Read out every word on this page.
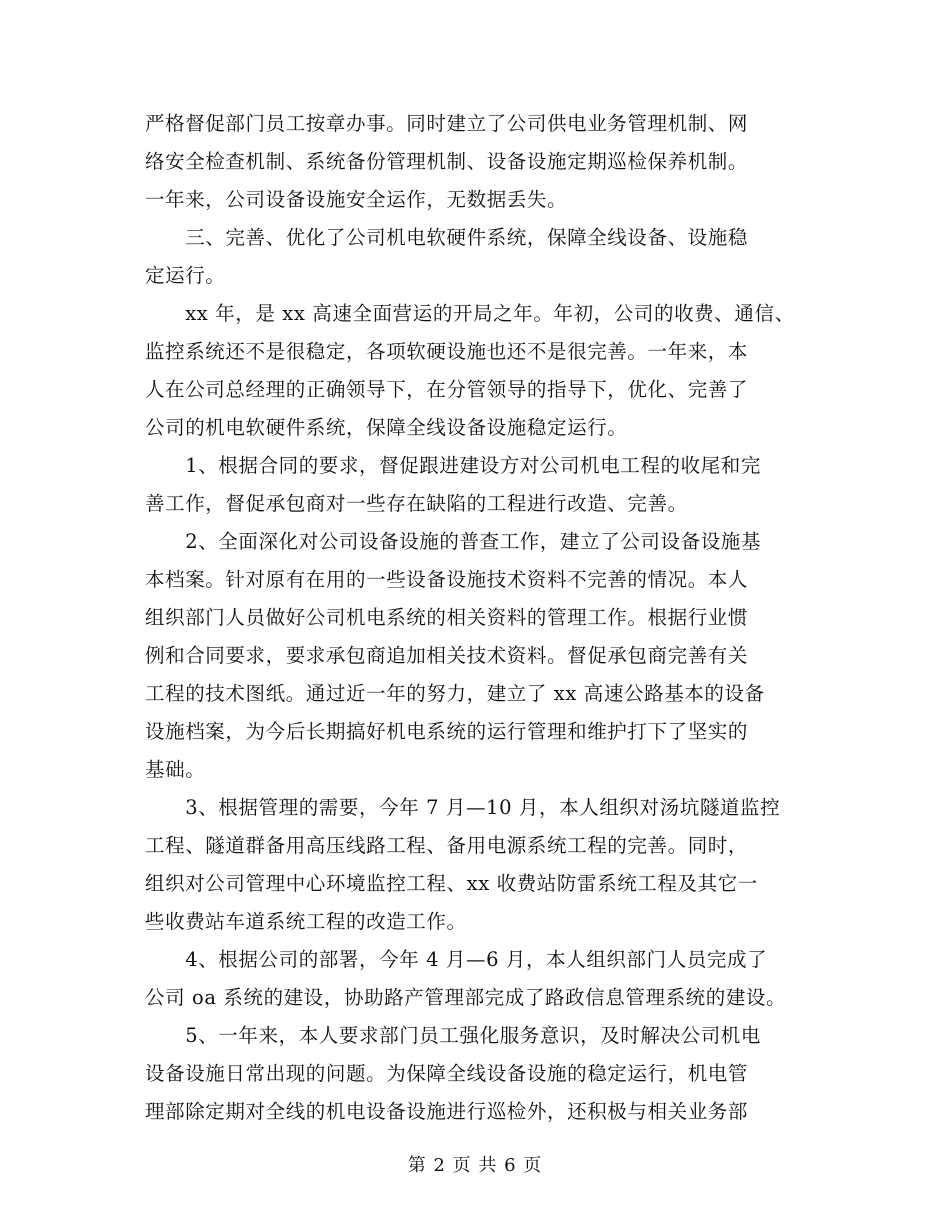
严格督促部门员工按章办事。同时建立了公司供电业务管理机制、网
络安全检查机制、系统备份管理机制、设备设施定期巡检保养机制。
一年来，公司设备设施安全运作，无数据丢失。
　　三、完善、优化了公司机电软硬件系统，保障全线设备、设施稳
定运行。
　　xx 年，是 xx 高速全面营运的开局之年。年初，公司的收费、通信、
监控系统还不是很稳定，各项软硬设施也还不是很完善。一年来，本
人在公司总经理的正确领导下，在分管领导的指导下，优化、完善了
公司的机电软硬件系统，保障全线设备设施稳定运行。
　　1、根据合同的要求，督促跟进建设方对公司机电工程的收尾和完
善工作，督促承包商对一些存在缺陷的工程进行改造、完善。
　　2、全面深化对公司设备设施的普查工作，建立了公司设备设施基
本档案。针对原有在用的一些设备设施技术资料不完善的情况。本人
组织部门人员做好公司机电系统的相关资料的管理工作。根据行业惯
例和合同要求，要求承包商追加相关技术资料。督促承包商完善有关
工程的技术图纸。通过近一年的努力，建立了 xx 高速公路基本的设备
设施档案，为今后长期搞好机电系统的运行管理和维护打下了坚实的
基础。
　　3、根据管理的需要，今年 7 月—10 月，本人组织对汤坑隧道监控
工程、隧道群备用高压线路工程、备用电源系统工程的完善。同时，
组织对公司管理中心环境监控工程、xx 收费站防雷系统工程及其它一
些收费站车道系统工程的改造工作。
　　4、根据公司的部署，今年 4 月—6 月，本人组织部门人员完成了
公司 oa 系统的建设，协助路产管理部完成了路政信息管理系统的建设。
　　5、一年来，本人要求部门员工强化服务意识，及时解决公司机电
设备设施日常出现的问题。为保障全线设备设施的稳定运行，机电管
理部除定期对全线的机电设备设施进行巡检外，还积极与相关业务部
第 2 页 共 6 页
